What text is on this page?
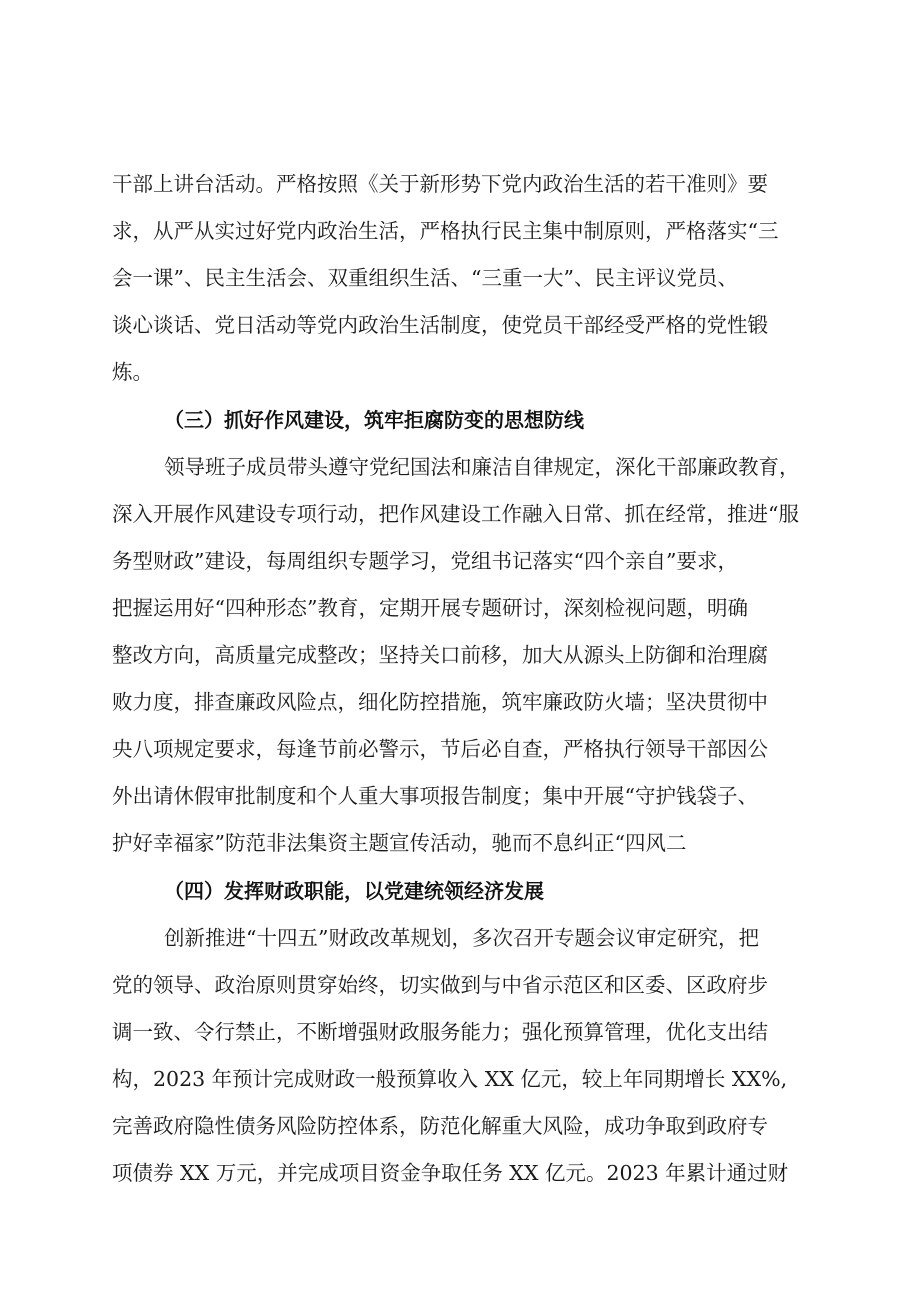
干部上讲台活动。严格按照《关于新形势下党内政治生活的若干准则》要
求，从严从实过好党内政治生活，严格执行民主集中制原则，严格落实“三
会一课”、民主生活会、双重组织生活、“三重一大”、民主评议党员、
谈心谈话、党日活动等党内政治生活制度，使党员干部经受严格的党性锻
炼。
（三）抓好作风建设，筑牢拒腐防变的思想防线
领导班子成员带头遵守党纪国法和廉洁自律规定，深化干部廉政教育，
深入开展作风建设专项行动，把作风建设工作融入日常、抓在经常，推进“服
务型财政”建设，每周组织专题学习，党组书记落实“四个亲自”要求，
把握运用好“四种形态”教育，定期开展专题研讨，深刻检视问题，明确
整改方向，高质量完成整改；坚持关口前移，加大从源头上防御和治理腐
败力度，排查廉政风险点，细化防控措施，筑牢廉政防火墙；坚决贯彻中
央八项规定要求，每逢节前必警示，节后必自查，严格执行领导干部因公
外出请休假审批制度和个人重大事项报告制度；集中开展“守护钱袋子、
护好幸福家”防范非法集资主题宣传活动，驰而不息纠正“四风二
（四）发挥财政职能，以党建统领经济发展
创新推进“十四五”财政改革规划，多次召开专题会议审定研究，把
党的领导、政治原则贯穿始终，切实做到与中省示范区和区委、区政府步
调一致、令行禁止，不断增强财政服务能力；强化预算管理，优化支出结
构，2023 年预计完成财政一般预算收入 XX 亿元，较上年同期增长 XX%,
完善政府隐性债务风险防控体系，防范化解重大风险，成功争取到政府专
项债券 XX 万元，并完成项目资金争取任务 XX 亿元。2023 年累计通过财
